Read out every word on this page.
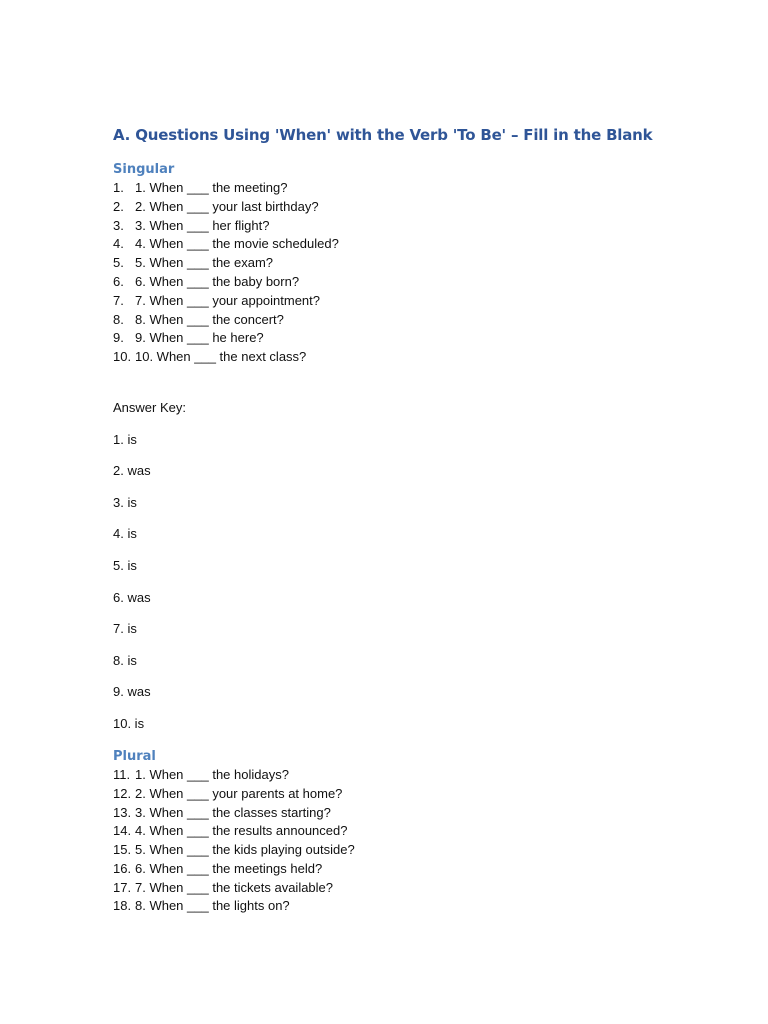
A. Questions Using 'When' with the Verb 'To Be' – Fill in the Blank
Singular
1. 1. When ___ the meeting?
2. 2. When ___ your last birthday?
3. 3. When ___ her flight?
4. 4. When ___ the movie scheduled?
5. 5. When ___ the exam?
6. 6. When ___ the baby born?
7. 7. When ___ your appointment?
8. 8. When ___ the concert?
9. 9. When ___ he here?
10. 10. When ___ the next class?
Answer Key:
1. is
2. was
3. is
4. is
5. is
6. was
7. is
8. is
9. was
10. is
Plural
11. 1. When ___ the holidays?
12. 2. When ___ your parents at home?
13. 3. When ___ the classes starting?
14. 4. When ___ the results announced?
15. 5. When ___ the kids playing outside?
16. 6. When ___ the meetings held?
17. 7. When ___ the tickets available?
18. 8. When ___ the lights on?
